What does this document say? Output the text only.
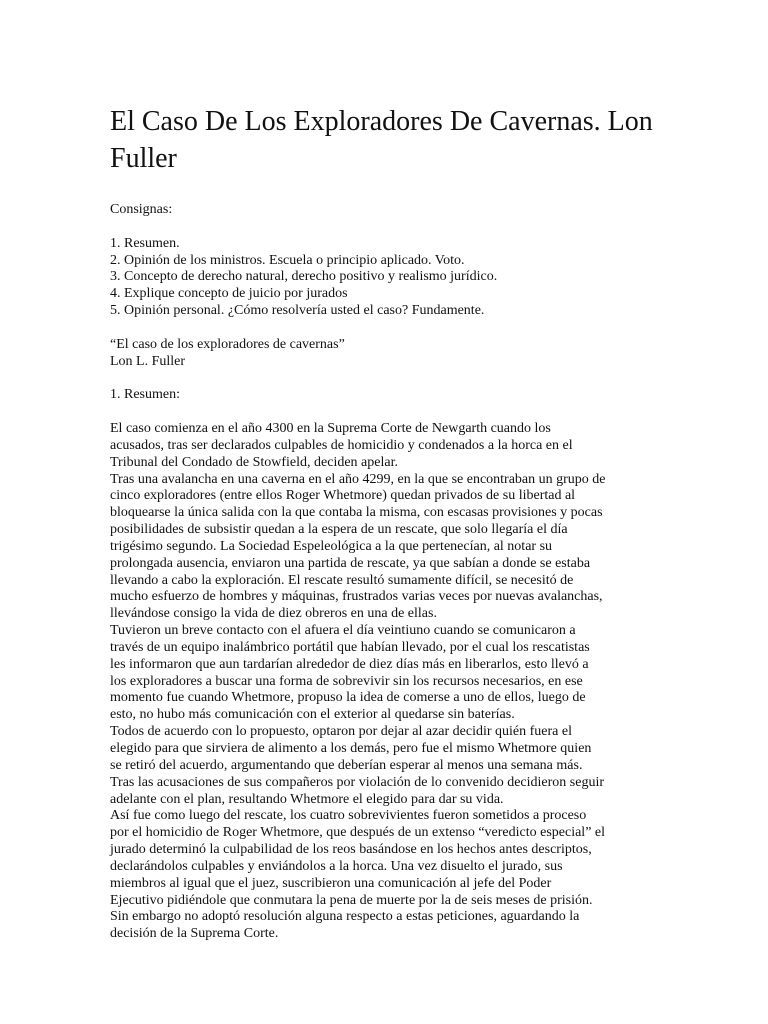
El Caso De Los Exploradores De Cavernas. Lon Fuller

Consignas:

1. Resumen.

2. Opinión de los ministros. Escuela o principio aplicado. Voto.

3. Concepto de derecho natural, derecho positivo y realismo jurídico.

4. Explique concepto de juicio por jurados

5. Opinión personal. ¿Cómo resolvería usted el caso? Fundamente.

“El caso de los exploradores de cavernas”

Lon L. Fuller

1. Resumen:

El caso comienza en el año 4300 en la Suprema Corte de Newgarth cuando los

acusados, tras ser declarados culpables de homicidio y condenados a la horca en el

Tribunal del Condado de Stowfield, deciden apelar.

Tras una avalancha en una caverna en el año 4299, en la que se encontraban un grupo de

cinco exploradores (entre ellos Roger Whetmore) quedan privados de su libertad al

bloquearse la única salida con la que contaba la misma, con escasas provisiones y pocas

posibilidades de subsistir quedan a la espera de un rescate, que solo llegaría el día

trigésimo segundo. La Sociedad Espeleológica a la que pertenecían, al notar su

prolongada ausencia, enviaron una partida de rescate, ya que sabían a donde se estaba

llevando a cabo la exploración. El rescate resultó sumamente difícil, se necesitó de

mucho esfuerzo de hombres y máquinas, frustrados varias veces por nuevas avalanchas,

llevándose consigo la vida de diez obreros en una de ellas.

Tuvieron un breve contacto con el afuera el día veintiuno cuando se comunicaron a

través de un equipo inalámbrico portátil que habían llevado, por el cual los rescatistas

les informaron que aun tardarían alrededor de diez días más en liberarlos, esto llevó a

los exploradores a buscar una forma de sobrevivir sin los recursos necesarios, en ese

momento fue cuando Whetmore, propuso la idea de comerse a uno de ellos, luego de

esto, no hubo más comunicación con el exterior al quedarse sin baterías.

Todos de acuerdo con lo propuesto, optaron por dejar al azar decidir quién fuera el

elegido para que sirviera de alimento a los demás, pero fue el mismo Whetmore quien

se retiró del acuerdo, argumentando que deberían esperar al menos una semana más.

Tras las acusaciones de sus compañeros por violación de lo convenido decidieron seguir

adelante con el plan, resultando Whetmore el elegido para dar su vida.

Así fue como luego del rescate, los cuatro sobrevivientes fueron sometidos a proceso

por el homicidio de Roger Whetmore, que después de un extenso “veredicto especial” el

jurado determinó la culpabilidad de los reos basándose en los hechos antes descriptos,

declarándolos culpables y enviándolos a la horca. Una vez disuelto el jurado, sus

miembros al igual que el juez, suscribieron una comunicación al jefe del Poder

Ejecutivo pidiéndole que conmutara la pena de muerte por la de seis meses de prisión.

Sin embargo no adoptó resolución alguna respecto a estas peticiones, aguardando la

decisión de la Suprema Corte.
